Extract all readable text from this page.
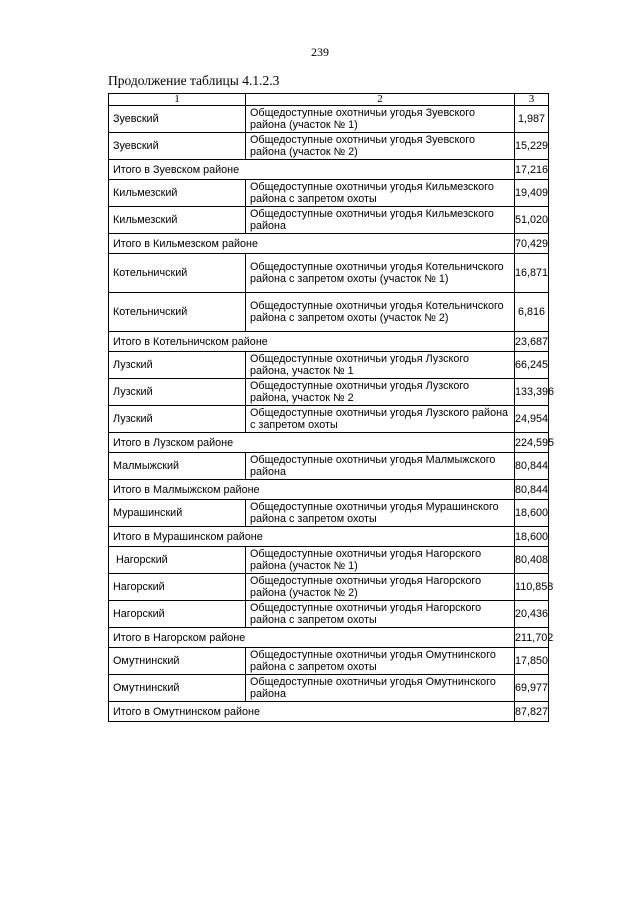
239
Продолжение таблицы 4.1.2.3
1	2	3
Зуевский	Общедоступные охотничьи угодья Зуевского района (участок № 1)	1,987
Зуевский	Общедоступные охотничьи угодья Зуевского района (участок № 2)	15,229
Итого в Зуевском районе		17,216
Кильмезский	Общедоступные охотничьи угодья Кильмезского района с запретом охоты	19,409
Кильмезский	Общедоступные охотничьи угодья Кильмезского района	51,020
Итого в Кильмезском районе		70,429
Котельничский	Общедоступные охотничьи угодья Котельничского района с запретом охоты (участок № 1)	16,871
Котельничский	Общедоступные охотничьи угодья Котельничского района с запретом охоты (участок № 2)	6,816
Итого в Котельничском районе		23,687
Лузский	Общедоступные охотничьи угодья Лузского района, участок № 1	66,245
Лузский	Общедоступные охотничьи угодья Лузского района, участок № 2	133,396
Лузский	Общедоступные охотничьи угодья Лузского района с запретом охоты	24,954
Итого в Лузском районе		224,595
Малмыжский	Общедоступные охотничьи угодья Малмыжского района	80,844
Итого в Малмыжском районе		80,844
Мурашинский	Общедоступные охотничьи угодья Мурашинского района с запретом охоты	18,600
Итого в Мурашинском районе		18,600
Нагорский	Общедоступные охотничьи угодья Нагорского района (участок № 1)	80,408
Нагорский	Общедоступные охотничьи угодья Нагорского района (участок № 2)	110,858
Нагорский	Общедоступные охотничьи угодья Нагорского района с запретом охоты	20,436
Итого в Нагорском районе		211,702
Омутнинский	Общедоступные охотничьи угодья Омутнинского района с запретом охоты	17,850
Омутнинский	Общедоступные охотничьи угодья Омутнинского района	69,977
Итого в Омутнинском районе		87,827
